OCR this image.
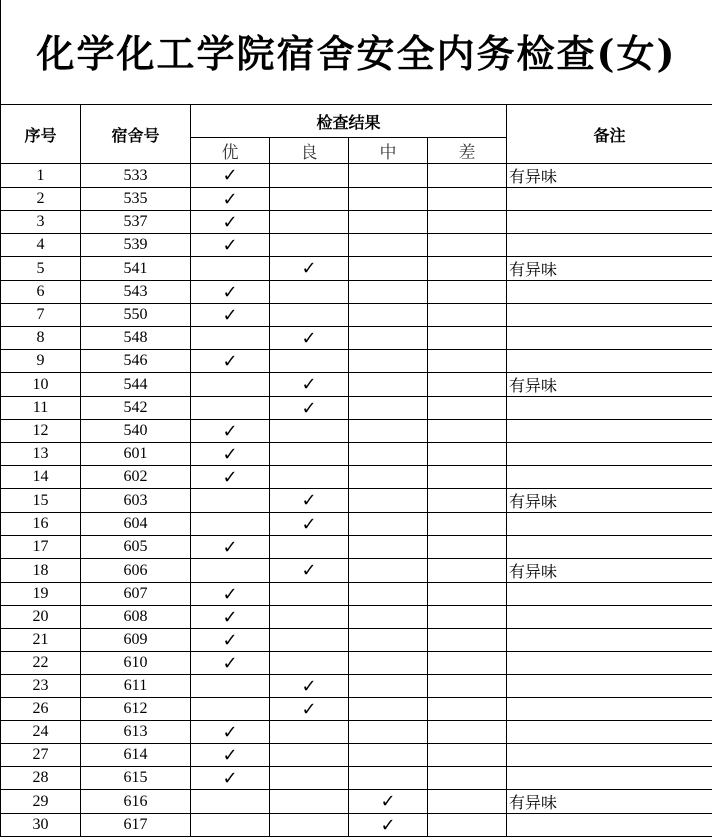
化学化工学院宿舍安全内务检查(女)
序号	宿舍号	检查结果				备注
		优	良	中	差	
1	533	✓				有异味
2	535	✓				
3	537	✓				
4	539	✓				
5	541		✓			有异味
6	543	✓				
7	550	✓				
8	548		✓			
9	546	✓				
10	544		✓			有异味
11	542		✓			
12	540	✓				
13	601	✓				
14	602	✓				
15	603		✓			有异味
16	604		✓			
17	605	✓				
18	606		✓			有异味
19	607	✓				
20	608	✓				
21	609	✓				
22	610	✓				
23	611		✓			
26	612		✓			
24	613	✓				
27	614	✓				
28	615	✓				
29	616			✓		有异味
30	617			✓		
